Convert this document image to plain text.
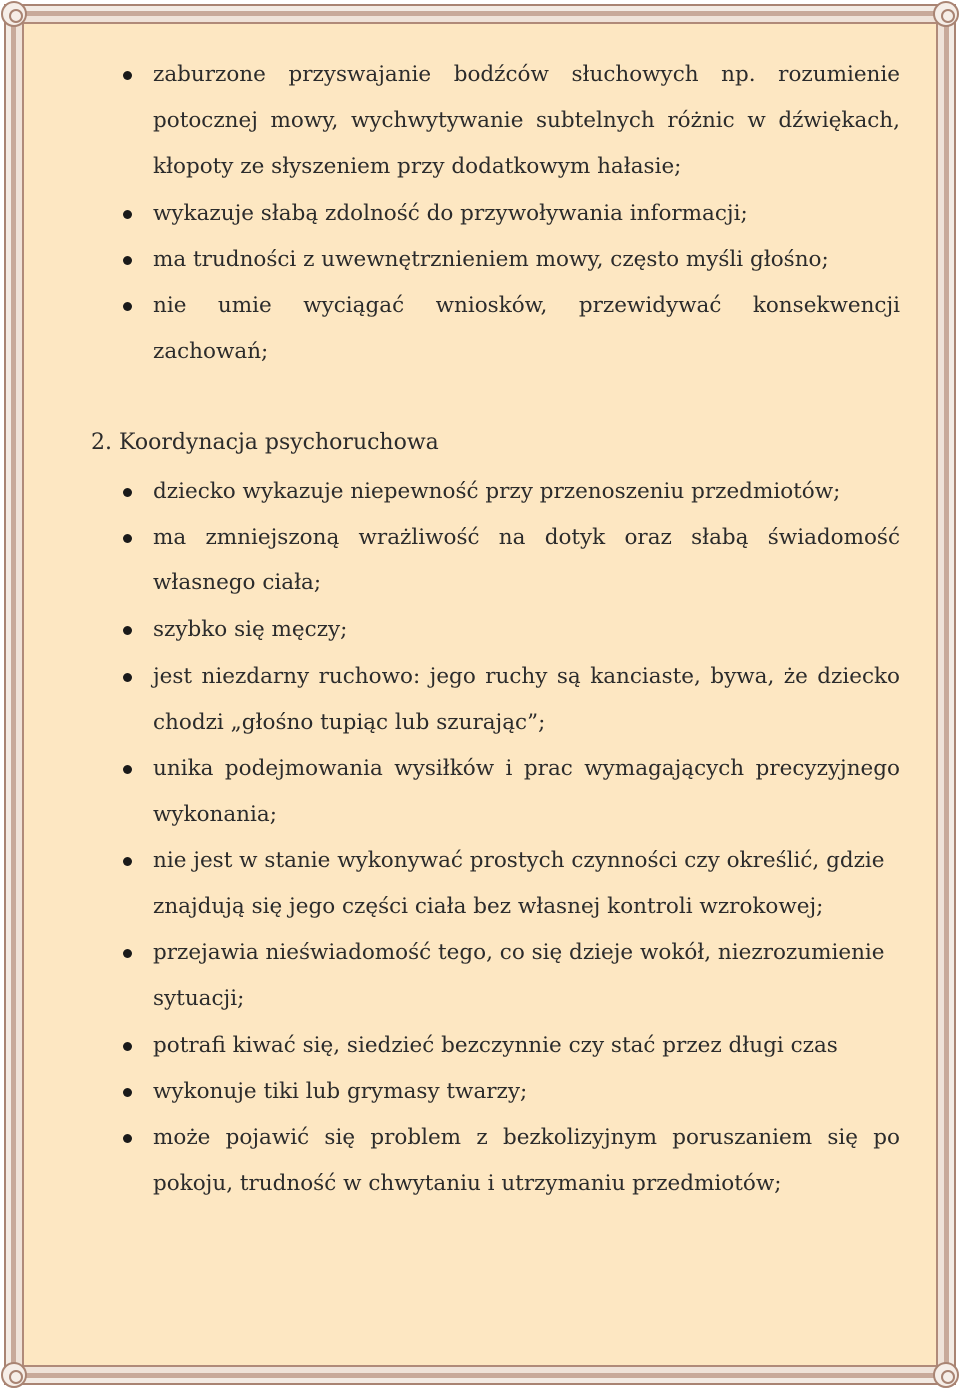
zaburzone przyswajanie bodźców słuchowych np. rozumienie
potocznej mowy, wychwytywanie subtelnych różnic w dźwiękach,
kłopoty ze słyszeniem przy dodatkowym hałasie;
wykazuje słabą zdolność do przywoływania informacji;
ma trudności z uwewnętrznieniem mowy, często myśli głośno;
nie umie wyciągać wniosków, przewidywać konsekwencji
zachowań;
2. Koordynacja psychoruchowa
dziecko wykazuje niepewność przy przenoszeniu przedmiotów;
ma zmniejszoną wrażliwość na dotyk oraz słabą świadomość
własnego ciała;
szybko się męczy;
jest niezdarny ruchowo: jego ruchy są kanciaste, bywa, że dziecko
chodzi „głośno tupiąc lub szurając”;
unika podejmowania wysiłków i prac wymagających precyzyjnego
wykonania;
nie jest w stanie wykonywać prostych czynności czy określić, gdzie
znajdują się jego części ciała bez własnej kontroli wzrokowej;
przejawia nieświadomość tego, co się dzieje wokół, niezrozumienie
sytuacji;
potrafi kiwać się, siedzieć bezczynnie czy stać przez długi czas
wykonuje tiki lub grymasy twarzy;
może pojawić się problem z bezkolizyjnym poruszaniem się po
pokoju, trudność w chwytaniu i utrzymaniu przedmiotów;
